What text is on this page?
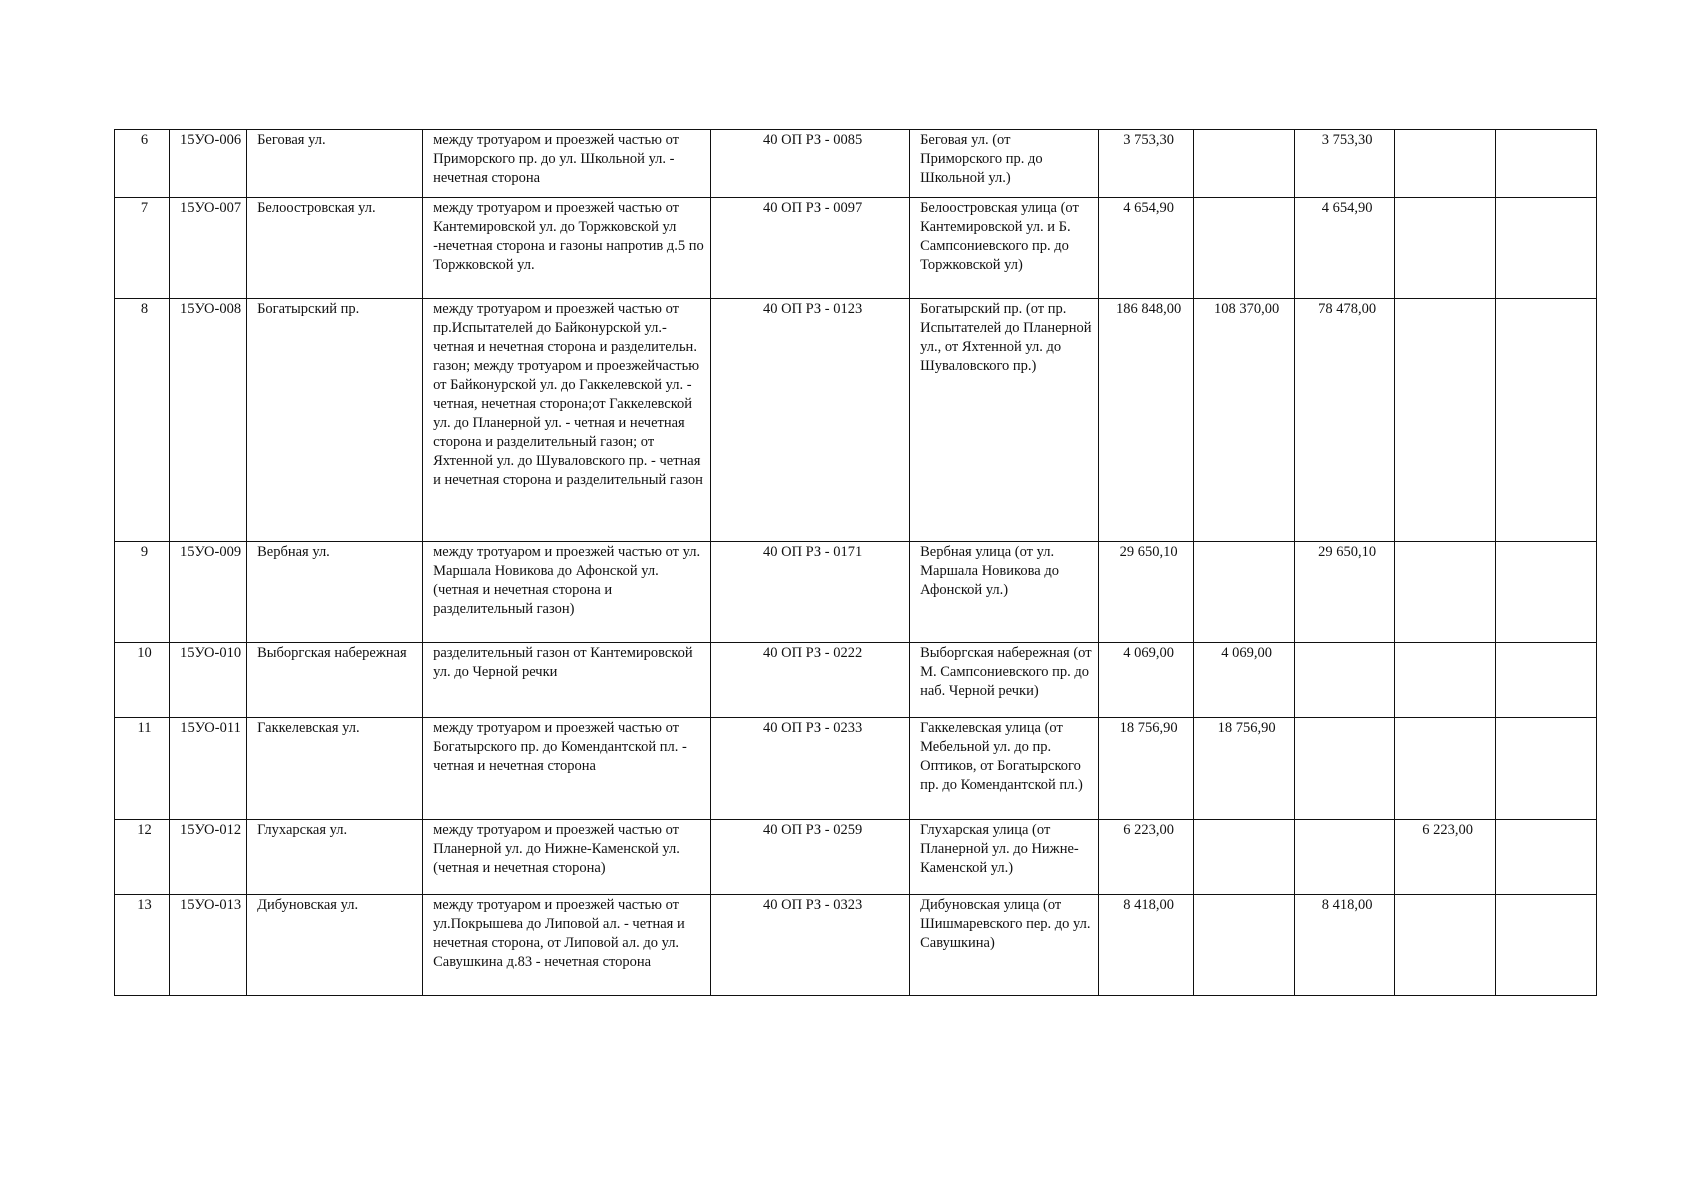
6	15УО-006	Беговая ул.	между тротуаром и проезжей частью от Приморского пр. до ул. Школьной ул. - нечетная сторона	40 ОП РЗ - 0085	Беговая ул. (от Приморского пр. до Школьной ул.)	3 753,30		3 753,30		
7	15УО-007	Белоостровская ул.	между тротуаром и проезжей частью от Кантемировской ул. до Торжковской ул -нечетная сторона и газоны напротив д.5 по Торжковской ул.	40 ОП РЗ - 0097	Белоостровская улица (от Кантемировской ул. и Б. Сампсониевского пр. до Торжковской ул)	4 654,90		4 654,90		
8	15УО-008	Богатырский пр.	между тротуаром и проезжей частью от пр.Испытателей до Байконурской ул.- четная и нечетная сторона и разделительн. газон; между тротуаром и проезжейчастью от Байконурской ул. до Гаккелевской ул. - четная, нечетная сторона;от Гаккелевской ул. до Планерной ул. - четная и нечетная сторона и разделительный газон; от Яхтенной ул. до Шуваловского пр. - четная и нечетная сторона и разделительный газон	40 ОП РЗ - 0123	Богатырский пр. (от пр. Испытателей до Планерной ул., от Яхтенной ул. до Шуваловского пр.)	186 848,00	108 370,00	78 478,00		
9	15УО-009	Вербная ул.	между тротуаром и проезжей частью от ул. Маршала Новикова до Афонской ул. (четная и нечетная сторона и разделительный газон)	40 ОП РЗ - 0171	Вербная улица (от ул. Маршала Новикова до Афонской ул.)	29 650,10		29 650,10		
10	15УО-010	Выборгская набережная	разделительный газон от Кантемировской ул. до Черной речки	40 ОП РЗ - 0222	Выборгская набережная (от М. Сампсониевского пр. до наб. Черной речки)	4 069,00	4 069,00			
11	15УО-011	Гаккелевская ул.	между тротуаром и проезжей частью от Богатырского пр. до Комендантской пл. - четная и нечетная сторона	40 ОП РЗ - 0233	Гаккелевская улица (от Мебельной ул. до пр. Оптиков, от Богатырского пр. до Комендантской пл.)	18 756,90	18 756,90			
12	15УО-012	Глухарская ул.	между тротуаром и проезжей частью от Планерной ул. до Нижне-Каменской ул. (четная и нечетная сторона)	40 ОП РЗ - 0259	Глухарская улица (от Планерной ул. до Нижне-Каменской ул.)	6 223,00			6 223,00	
13	15УО-013	Дибуновская ул.	между тротуаром и проезжей частью от ул.Покрышева до Липовой ал. - четная и нечетная сторона, от Липовой ал. до ул. Савушкина д.83 - нечетная сторона	40 ОП РЗ - 0323	Дибуновская улица (от Шишмаревского пер. до ул. Савушкина)	8 418,00		8 418,00		
